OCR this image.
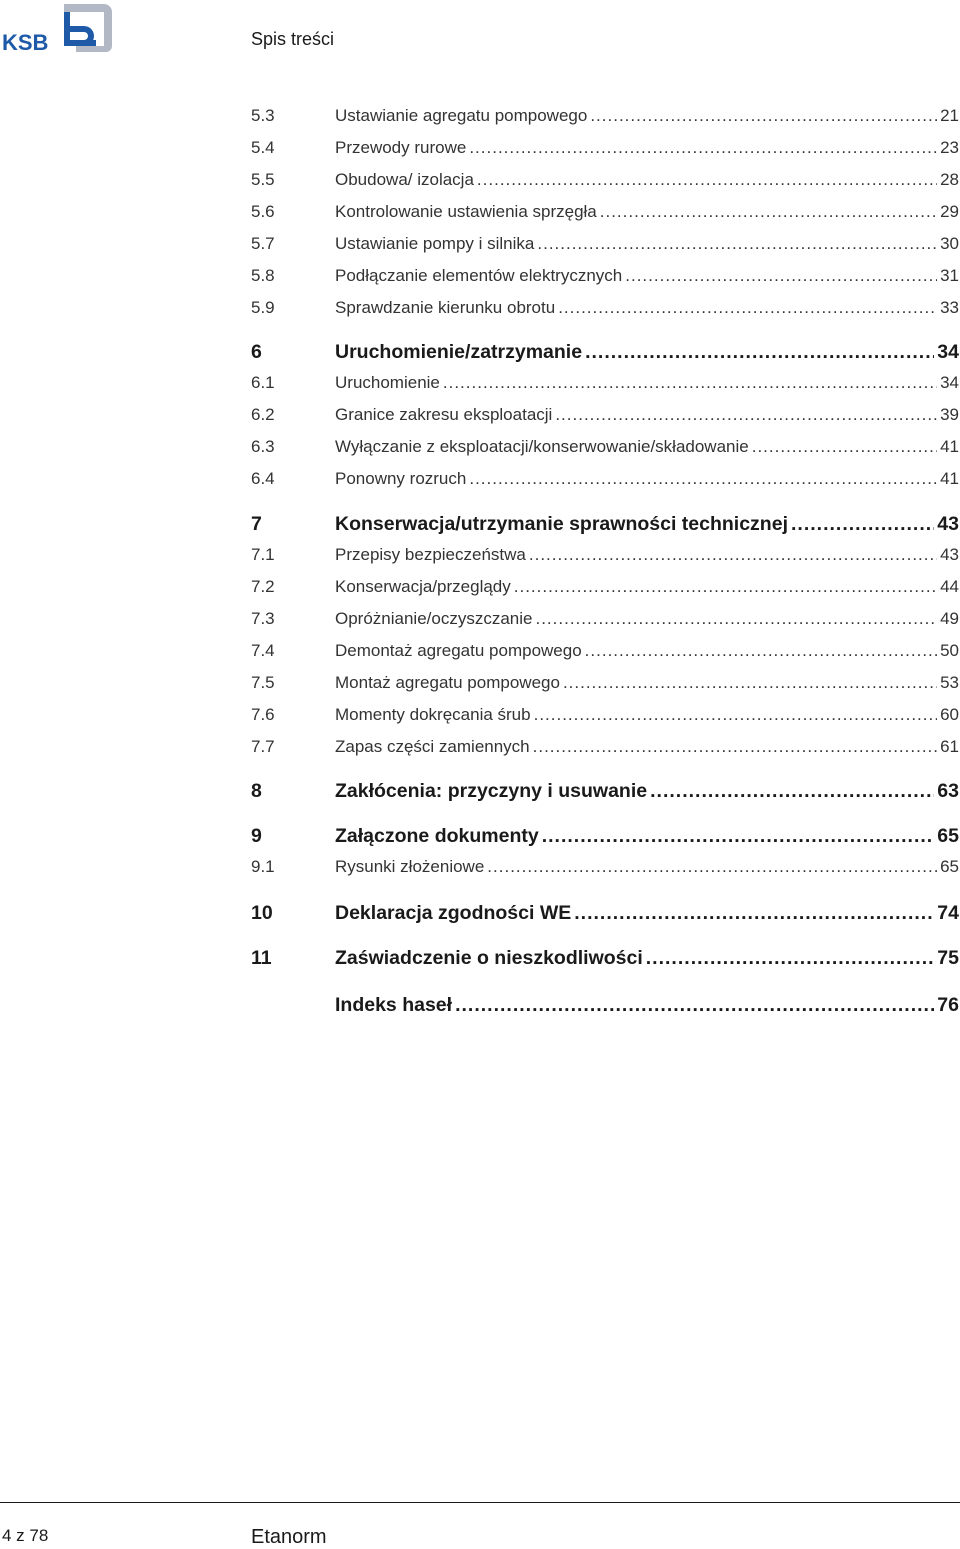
KSB	Spis treści
5.3	Ustawianie agregatu pompowego .....	21
5.4	Przewody rurowe .....	23
5.5	Obudowa/ izolacja .....	28
5.6	Kontrolowanie ustawienia sprzęgła .....	29
5.7	Ustawianie pompy i silnika .....	30
5.8	Podłączanie elementów elektrycznych .....	31
5.9	Sprawdzanie kierunku obrotu .....	33
6	Uruchomienie/zatrzymanie .....	34
6.1	Uruchomienie .....	34
6.2	Granice zakresu eksploatacji .....	39
6.3	Wyłączanie z eksploatacji/konserwowanie/składowanie .....	41
6.4	Ponowny rozruch .....	41
7	Konserwacja/utrzymanie sprawności technicznej .....	43
7.1	Przepisy bezpieczeństwa .....	43
7.2	Konserwacja/przeglądy .....	44
7.3	Opróżnianie/oczyszczanie .....	49
7.4	Demontaż agregatu pompowego .....	50
7.5	Montaż agregatu pompowego .....	53
7.6	Momenty dokręcania śrub .....	60
7.7	Zapas części zamiennych .....	61
8	Zakłócenia: przyczyny i usuwanie .....	63
9	Załączone dokumenty .....	65
9.1	Rysunki złożeniowe .....	65
10	Deklaracja zgodności WE .....	74
11	Zaświadczenie o nieszkodliwości .....	75
Indeks haseł .....	76
4 z 78	Etanorm
